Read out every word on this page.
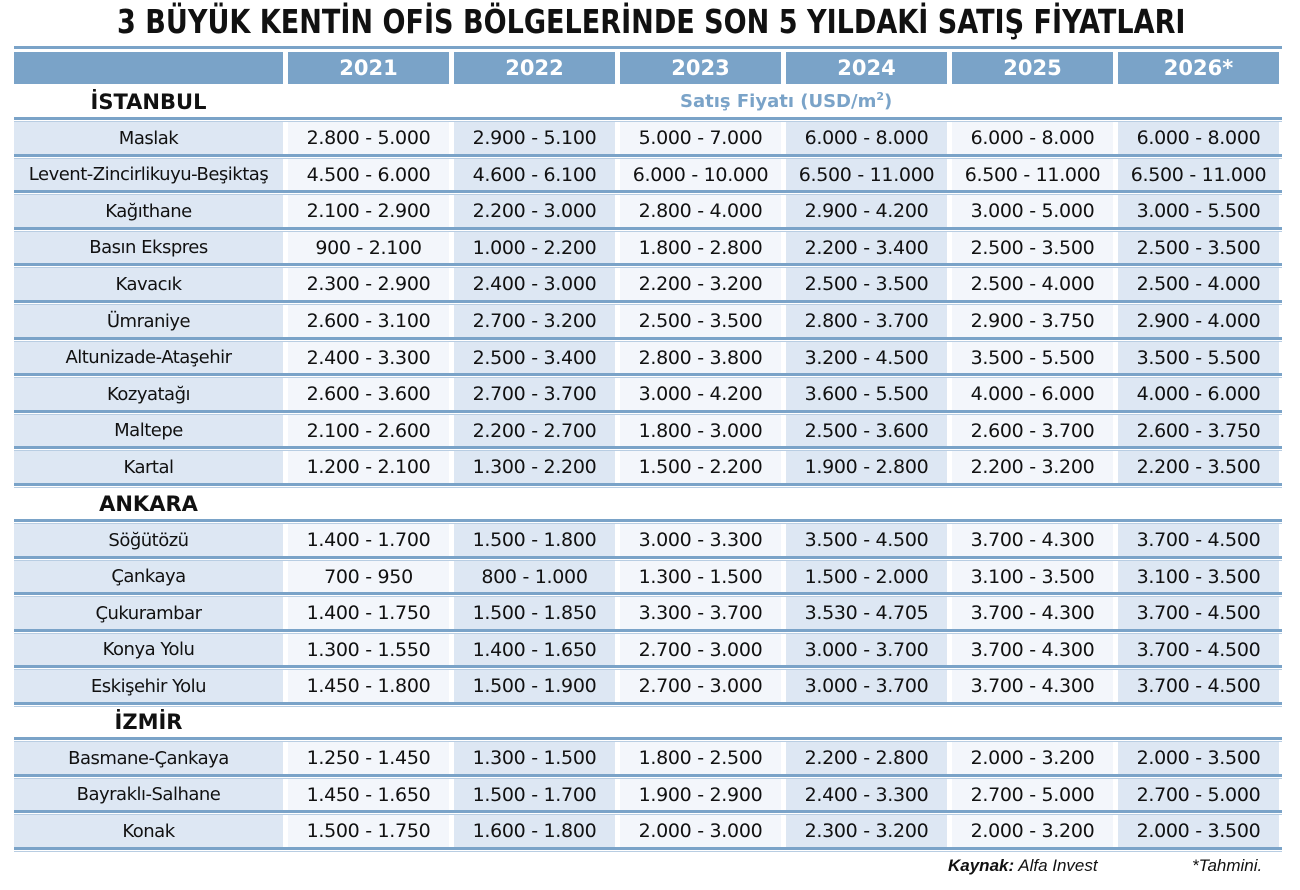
3 BÜYÜK KENTİN OFİS BÖLGELERİNDE SON 5 YILDAKİ SATIŞ FİYATLARI
2021	2022	2023	2024	2025	2026*
Satış Fiyatı $(USD/m^2)$
İSTANBUL
Maslak	2.800 - 5.000	2.900 - 5.100	5.000 - 7.000	6.000 - 8.000	6.000 - 8.000	6.000 - 8.000
Levent-Zincirlikuyu-Beşiktaş	4.500 - 6.000	4.600 - 6.100	6.000 - 10.000	6.500 - 11.000	6.500 - 11.000	6.500 - 11.000
Kağıthane	2.100 - 2.900	2.200 - 3.000	2.800 - 4.000	2.900 - 4.200	3.000 - 5.000	3.000 - 5.500
Basın Ekspres	900 - 2.100	1.000 - 2.200	1.800 - 2.800	2.200 - 3.400	2.500 - 3.500	2.500 - 3.500
Kavacık	2.300 - 2.900	2.400 - 3.000	2.200 - 3.200	2.500 - 3.500	2.500 - 4.000	2.500 - 4.000
Ümraniye	2.600 - 3.100	2.700 - 3.200	2.500 - 3.500	2.800 - 3.700	2.900 - 3.750	2.900 - 4.000
Altunizade-Ataşehir	2.400 - 3.300	2.500 - 3.400	2.800 - 3.800	3.200 - 4.500	3.500 - 5.500	3.500 - 5.500
Kozyatağı	2.600 - 3.600	2.700 - 3.700	3.000 - 4.200	3.600 - 5.500	4.000 - 6.000	4.000 - 6.000
Maltepe	2.100 - 2.600	2.200 - 2.700	1.800 - 3.000	2.500 - 3.600	2.600 - 3.700	2.600 - 3.750
Kartal	1.200 - 2.100	1.300 - 2.200	1.500 - 2.200	1.900 - 2.800	2.200 - 3.200	2.200 - 3.500
ANKARA
Söğütözü	1.400 - 1.700	1.500 - 1.800	3.000 - 3.300	3.500 - 4.500	3.700 - 4.300	3.700 - 4.500
Çankaya	700 - 950	800 - 1.000	1.300 - 1.500	1.500 - 2.000	3.100 - 3.500	3.100 - 3.500
Çukurambar	1.400 - 1.750	1.500 - 1.850	3.300 - 3.700	3.530 - 4.705	3.700 - 4.300	3.700 - 4.500
Konya Yolu	1.300 - 1.550	1.400 - 1.650	2.700 - 3.000	3.000 - 3.700	3.700 - 4.300	3.700 - 4.500
Eskişehir Yolu	1.450 - 1.800	1.500 - 1.900	2.700 - 3.000	3.000 - 3.700	3.700 - 4.300	3.700 - 4.500
İZMİR
Basmane-Çankaya	1.250 - 1.450	1.300 - 1.500	1.800 - 2.500	2.200 - 2.800	2.000 - 3.200	2.000 - 3.500
Bayraklı-Salhane	1.450 - 1.650	1.500 - 1.700	1.900 - 2.900	2.400 - 3.300	2.700 - 5.000	2.700 - 5.000
Konak	1.500 - 1.750	1.600 - 1.800	2.000 - 3.000	2.300 - 3.200	2.000 - 3.200	2.000 - 3.500
Kaynak: Alfa Invest	*Tahmini.
